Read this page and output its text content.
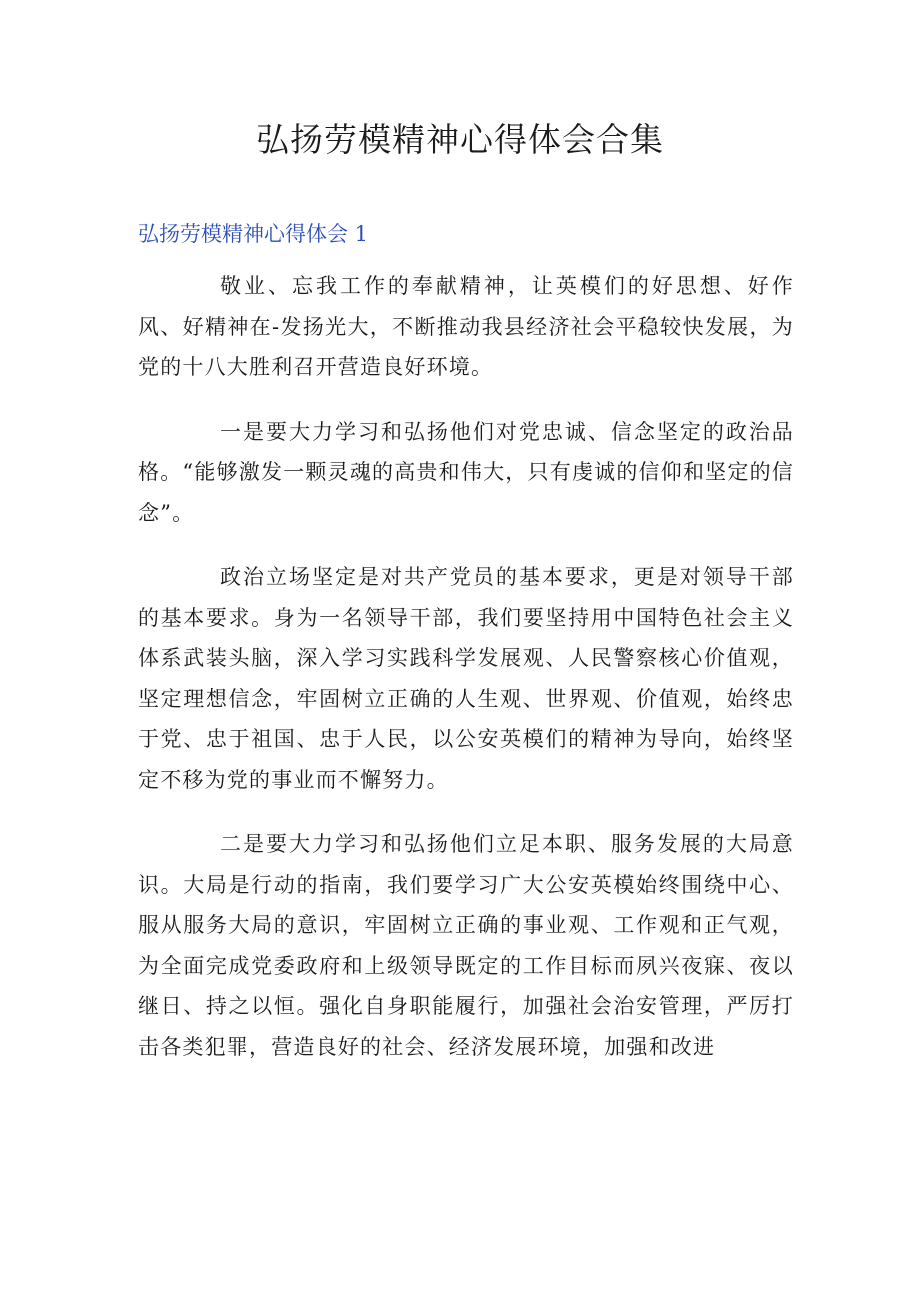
弘扬劳模精神心得体会合集
弘扬劳模精神心得体会 1

敬业、忘我工作的奉献精神，让英模们的好思想、好作风、好精神在-发扬光大，不断推动我县经济社会平稳较快发展，为党的十八大胜利召开营造良好环境。

一是要大力学习和弘扬他们对党忠诚、信念坚定的政治品格。“能够激发一颗灵魂的高贵和伟大，只有虔诚的信仰和坚定的信念”。

政治立场坚定是对共产党员的基本要求，更是对领导干部的基本要求。身为一名领导干部，我们要坚持用中国特色社会主义体系武装头脑，深入学习实践科学发展观、人民警察核心价值观，坚定理想信念，牢固树立正确的人生观、世界观、价值观，始终忠于党、忠于祖国、忠于人民，以公安英模们的精神为导向，始终坚定不移为党的事业而不懈努力。

二是要大力学习和弘扬他们立足本职、服务发展的大局意识。大局是行动的指南，我们要学习广大公安英模始终围绕中心、服从服务大局的意识，牢固树立正确的事业观、工作观和正气观，为全面完成党委政府和上级领导既定的工作目标而夙兴夜寐、夜以继日、持之以恒。强化自身职能履行，加强社会治安管理，严厉打击各类犯罪，营造良好的社会、经济发展环境，加强和改进
